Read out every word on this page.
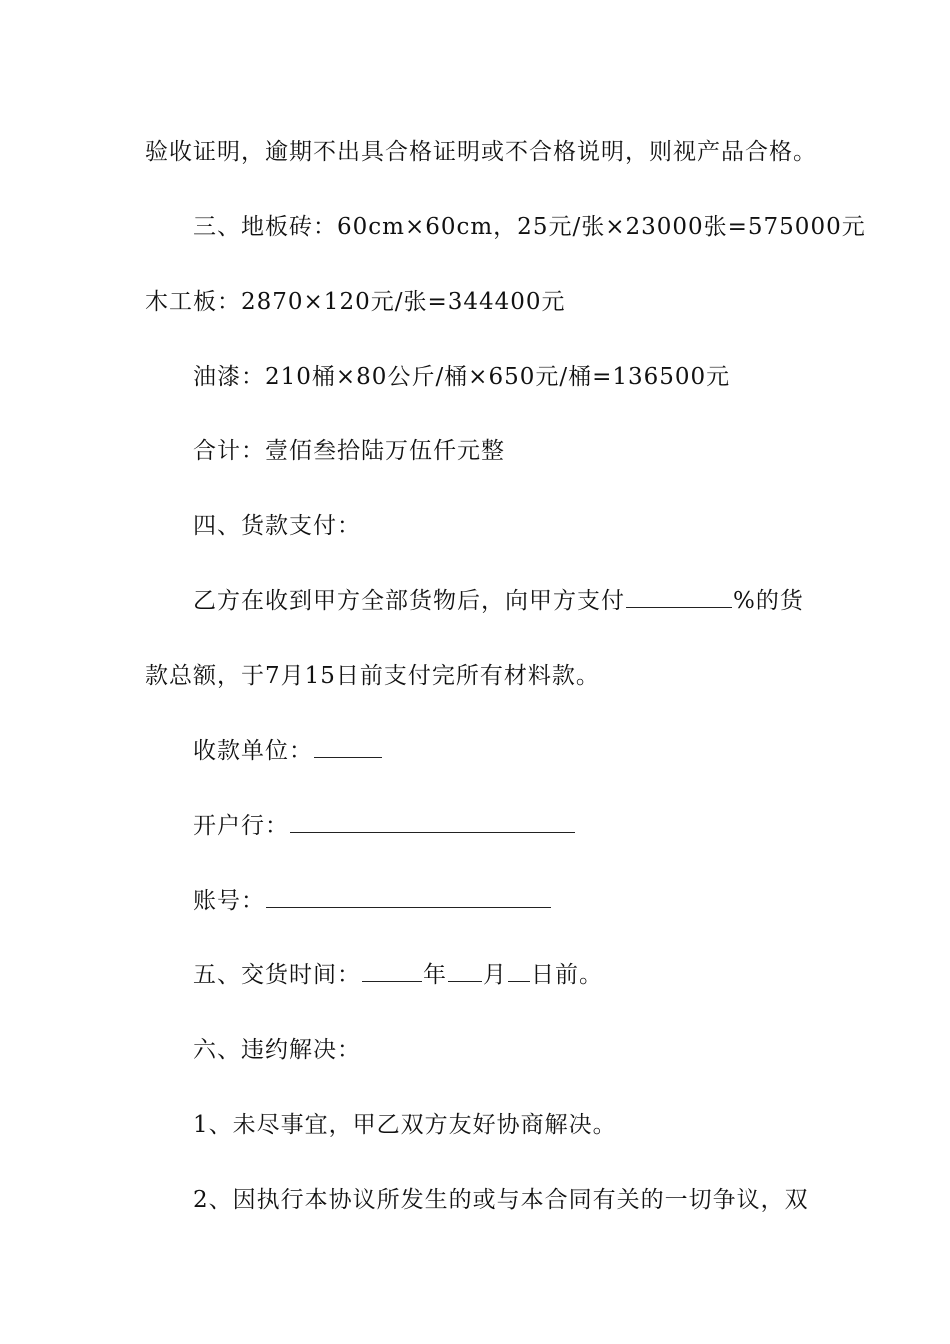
验收证明，逾期不出具合格证明或不合格说明，则视产品合格。
三、地板砖：60cm×60cm，25元/张×23000张=575000元
木工板：2870×120元/张=344400元
油漆：210桶×80公斤/桶×650元/桶=136500元
合计：壹佰叁拾陆万伍仟元整
四、货款支付：
乙方在收到甲方全部货物后，向甲方支付	%的货
款总额，于7月15日前支付完所有材料款。
收款单位：
开户行：
账号：
五、交货时间：	年 月 日前。
六、违约解决：
1、未尽事宜，甲乙双方友好协商解决。
2、因执行本协议所发生的或与本合同有关的一切争议，双
